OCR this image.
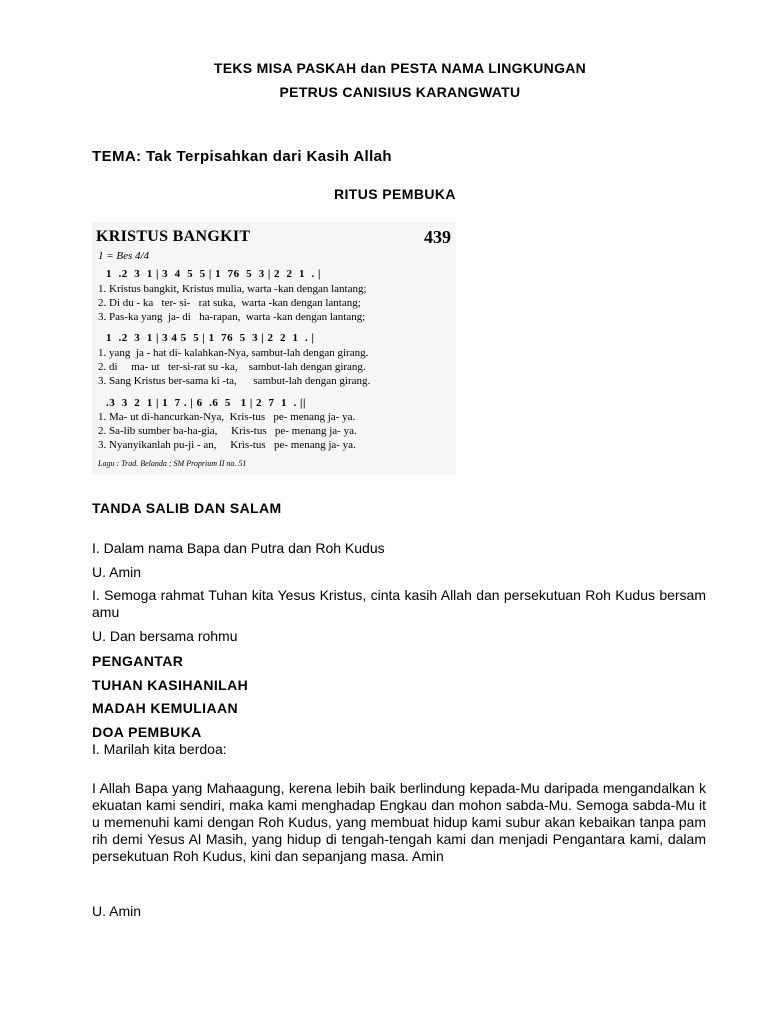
TEKS MISA PASKAH dan PESTA NAMA LINGKUNGAN
PETRUS CANISIUS KARANGWATU
TEMA: Tak Terpisahkan dari Kasih Allah
RITUS PEMBUKA
KRISTUS BANGKIT	439
1 = Bes 4/4
1  .2  3  1 | 3  4  5  5 | 1  76  5  3 | 2  2  1  . |
1. Kristus bangkit, Kristus mulia, warta -kan dengan lantang;
2. Di du - ka   ter- si-   rat suka,  warta -kan dengan lantang;
3. Pas-ka yang  ja- di   ha-rapan,  warta -kan dengan lantang;
1  .2  3  1 | 3 4 5  5 | 1  76  5  3 | 2  2  1  . |
1. yang  ja - hat di- kalahkan-Nya, sambut-lah dengan girang.
2. di     ma- ut   ter-si-rat su -ka,    sambut-lah dengan girang.
3. Sang Kristus ber-sama ki -ta,      sambut-lah dengan girang.
.3  3  2  1 | 1  7 . | 6  .6  5   1 | 2  7  1  . ||
1. Ma- ut di-hancurkan-Nya,  Kris-tus   pe- menang ja- ya.
2. Sa-lib sumber ba-ha-gia,     Kris-tus   pe- menang ja- ya.
3. Nyanyikanlah pu-ji - an,     Kris-tus   pe- menang ja- ya.
Lagu : Trad. Belanda ; SM Proprium II no. 51
TANDA SALIB DAN SALAM
I. Dalam nama Bapa dan Putra dan Roh Kudus
U. Amin
I. Semoga rahmat Tuhan kita Yesus Kristus, cinta kasih Allah dan persekutuan Roh Kudus bersamamu
U. Dan bersama rohmu
PENGANTAR
TUHAN KASIHANILAH
MADAH KEMULIAAN
DOA PEMBUKA
I. Marilah kita berdoa:
I Allah Bapa yang Mahaagung, kerena lebih baik berlindung kepada-Mu daripada mengandalkan kekuatan kami sendiri, maka kami menghadap Engkau dan mohon sabda-Mu. Semoga sabda-Mu itu memenuhi kami dengan Roh Kudus, yang membuat hidup kami subur akan kebaikan tanpa pamrih demi Yesus Al Masih, yang hidup di tengah-tengah kami dan menjadi Pengantara kami, dalam persekutuan Roh Kudus, kini dan sepanjang masa. Amin
U. Amin
